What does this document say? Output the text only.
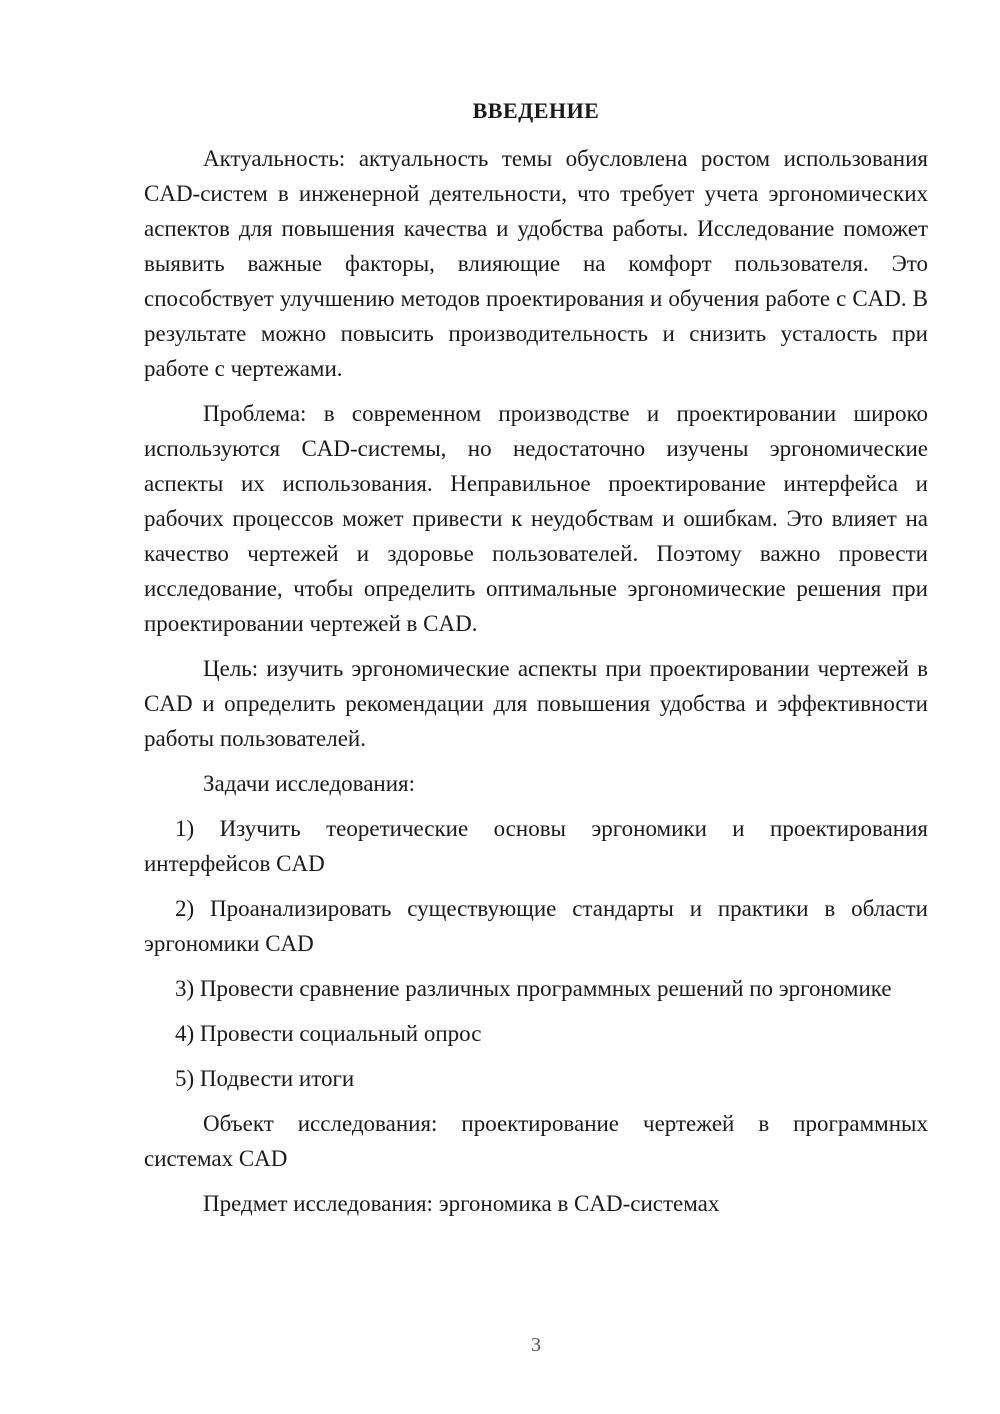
ВВЕДЕНИЕ

Актуальность: актуальность темы обусловлена ростом использования CAD-систем в инженерной деятельности, что требует учета эргономических аспектов для повышения качества и удобства работы. Исследование поможет выявить важные факторы, влияющие на комфорт пользователя. Это способствует улучшению методов проектирования и обучения работе с CAD. В результате можно повысить производительность и снизить усталость при работе с чертежами.

Проблема: в современном производстве и проектировании широко используются CAD-системы, но недостаточно изучены эргономические аспекты их использования. Неправильное проектирование интерфейса и рабочих процессов может привести к неудобствам и ошибкам. Это влияет на качество чертежей и здоровье пользователей. Поэтому важно провести исследование, чтобы определить оптимальные эргономические решения при проектировании чертежей в CAD.

Цель: изучить эргономические аспекты при проектировании чертежей в CAD и определить рекомендации для повышения удобства и эффективности работы пользователей.

Задачи исследования:

1) Изучить теоретические основы эргономики и проектирования интерфейсов CAD

2) Проанализировать существующие стандарты и практики в области эргономики CAD

3) Провести сравнение различных программных решений по эргономике

4) Провести социальный опрос

5) Подвести итоги

Объект исследования: проектирование чертежей в программных системах CAD

Предмет исследования: эргономика в CAD-системах

3
